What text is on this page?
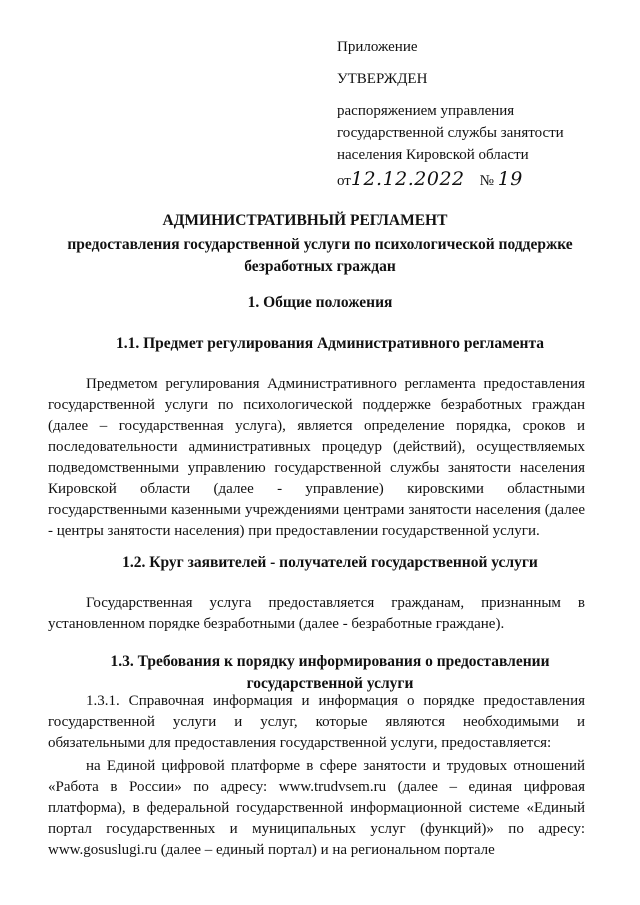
Приложение
УТВЕРЖДЕН
распоряжением управления
государственной службы занятости
населения Кировской области
от12.12.2022 № 19
АДМИНИСТРАТИВНЫЙ РЕГЛАМЕНТ
предоставления государственной услуги по психологической поддержке безработных граждан
1. Общие положения
1.1. Предмет регулирования Административного регламента
Предметом регулирования Административного регламента предоставления государственной услуги по психологической поддержке безработных граждан (далее – государственная услуга), является определение порядка, сроков и последовательности административных процедур (действий), осуществляемых подведомственными управлению государственной службы занятости населения Кировской области (далее - управление) кировскими областными государственными казенными учреждениями центрами занятости населения (далее - центры занятости населения) при предоставлении государственной услуги.
1.2. Круг заявителей - получателей государственной услуги
Государственная услуга предоставляется гражданам, признанным в установленном порядке безработными (далее - безработные граждане).
1.3. Требования к порядку информирования о предоставлении государственной услуги
1.3.1. Справочная информация и информация о порядке предоставления государственной услуги и услуг, которые являются необходимыми и обязательными для предоставления государственной услуги, предоставляется:
на Единой цифровой платформе в сфере занятости и трудовых отношений «Работа в России» по адресу: www.trudvsem.ru (далее – единая цифровая платформа), в федеральной государственной информационной системе «Единый портал государственных и муниципальных услуг (функций)» по адресу: www.gosuslugi.ru (далее – единый портал) и на региональном портале
